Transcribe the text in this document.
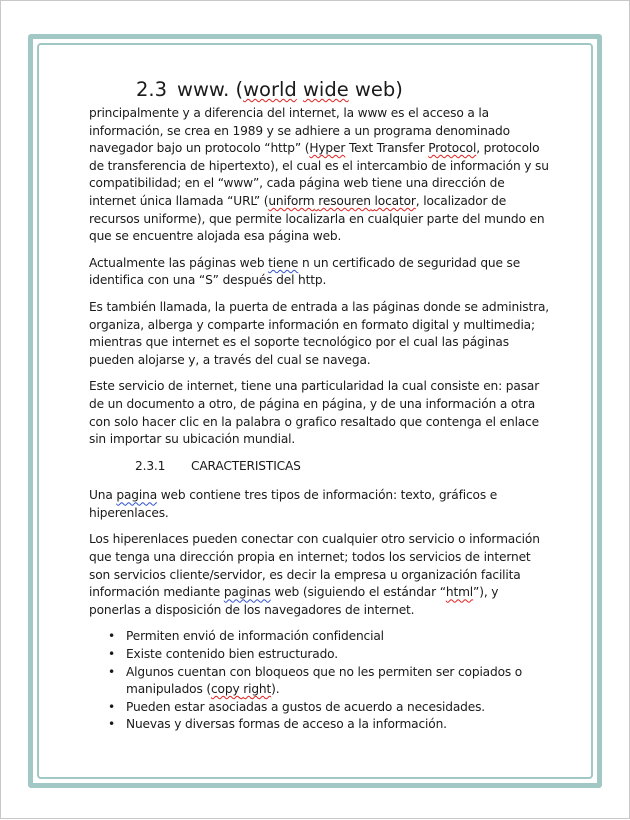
2.3 www. (world wide web)

principalmente y a diferencia del internet, la www es el acceso a la información, se crea en 1989 y se adhiere a un programa denominado navegador bajo un protocolo “http” (Hyper Text Transfer Protocol, protocolo de transferencia de hipertexto), el cual es el intercambio de información y su compatibilidad; en el “www”, cada página web tiene una dirección de internet única llamada “URL” (uniform resouren locator, localizador de recursos uniforme), que permite localizarla en cualquier parte del mundo en que se encuentre alojada esa página web.

Actualmente las páginas web tiene n un certificado de seguridad que se identifica con una “S” después del http.

Es también llamada, la puerta de entrada a las páginas donde se administra, organiza, alberga y comparte información en formato digital y multimedia; mientras que internet es el soporte tecnológico por el cual las páginas pueden alojarse y, a través del cual se navega.

Este servicio de internet, tiene una particularidad la cual consiste en: pasar de un documento a otro, de página en página, y de una información a otra con solo hacer clic en la palabra o grafico resaltado que contenga el enlace sin importar su ubicación mundial.

2.3.1 CARACTERISTICAS

Una pagina web contiene tres tipos de información: texto, gráficos e hiperenlaces.

Los hiperenlaces pueden conectar con cualquier otro servicio o información que tenga una dirección propia en internet; todos los servicios de internet son servicios cliente/servidor, es decir la empresa u organización facilita información mediante paginas web (siguiendo el estándar “html”), y ponerlas a disposición de los navegadores de internet.

• Permiten envió de información confidencial
• Existe contenido bien estructurado.
• Algunos cuentan con bloqueos que no les permiten ser copiados o manipulados (copy right).
• Pueden estar asociadas a gustos de acuerdo a necesidades.
• Nuevas y diversas formas de acceso a la información.
